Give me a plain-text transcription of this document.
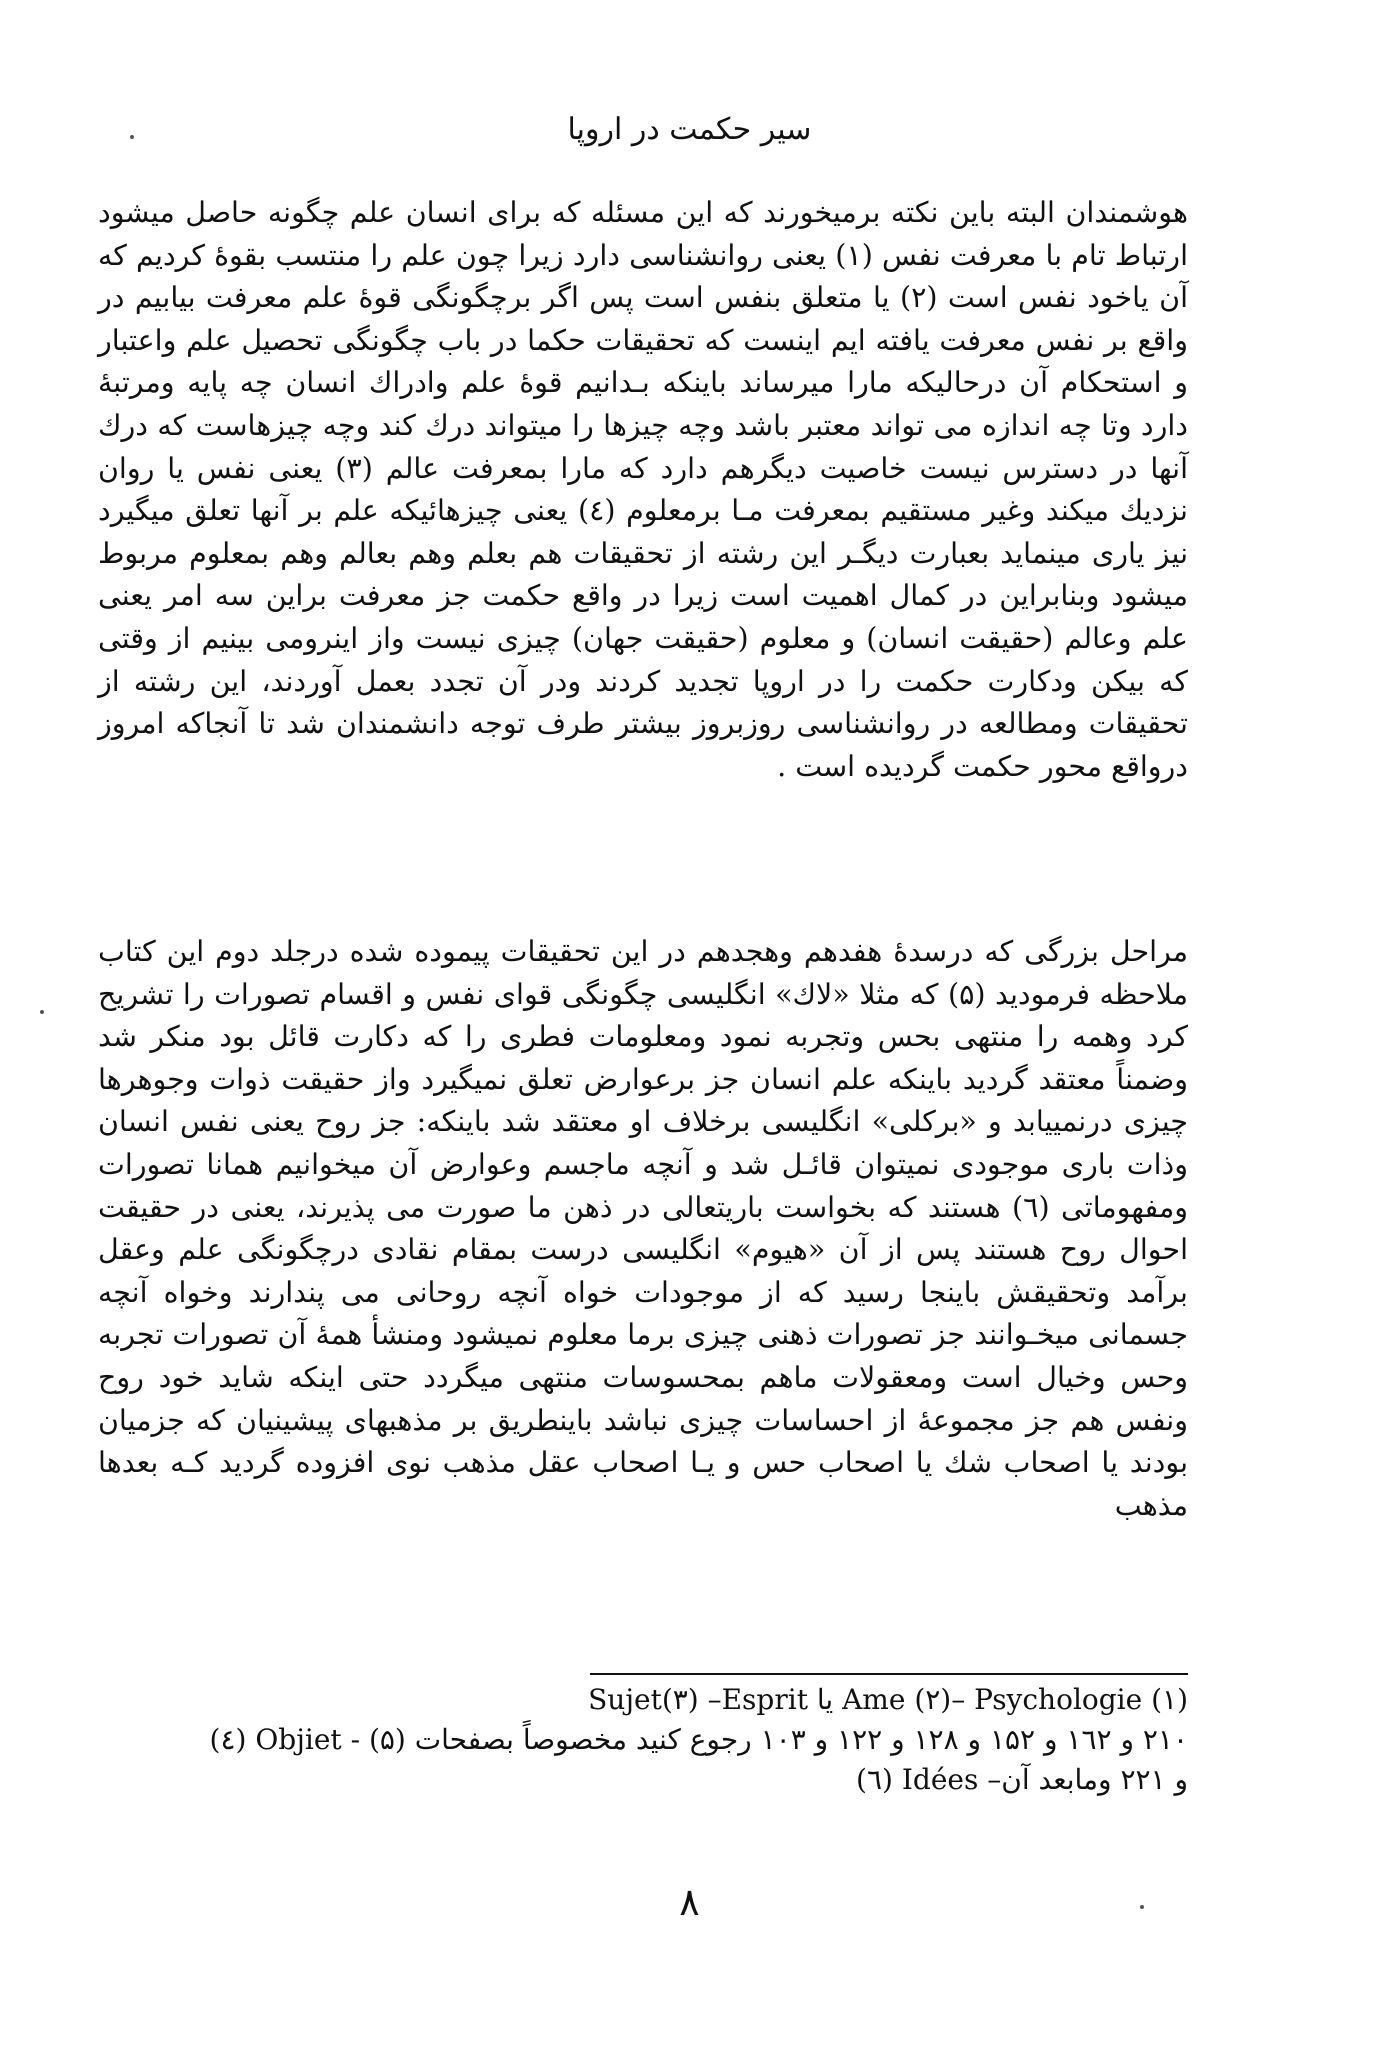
سیر حکمت در اروپا
هوشمندان البته باین نکته برمیخورند که این مسئله که برای انسان علم چگونه حاصل میشود ارتباط تام با معرفت نفس (۱) یعنی روانشناسی دارد زیرا چون علم را منتسب بقوهٔ کردیم که آن یاخود نفس است (۲) یا متعلق بنفس است پس اگر برچگونگی قوهٔ علم معرفت بیابیم در واقع بر نفس معرفت یافته ایم اینست که تحقیقات حکما در باب چگونگی تحصیل علم واعتبار و استحکام آن درحالیکه مارا میرساند باینکه بـدانیم قوهٔ علم وادراك انسان چه پایه ومرتبهٔ دارد وتا چه اندازه می تواند معتبر باشد وچه چیزها را میتواند درك كند وچه چیزهاست که درك آنها در دسترس نیست خاصیت دیگرهم دارد که مارا بمعرفت عالم (۳) یعنی نفس یا روان نزدیك میکند وغیر مستقیم بمعرفت مـا برمعلوم (٤) یعنی چیزهائیکه علم بر آنها تعلق میگیرد نیز یاری مینماید بعبارت دیگـر این رشته از تحقیقات هم بعلم وهم بعالم وهم بمعلوم مربوط میشود وبنابراین در کمال اهمیت است زیرا در واقع حکمت جز معرفت براین سه امر یعنی علم وعالم (حقیقت انسان) و معلوم (حقیقت جهان) چیزی نیست واز اینرومی بینیم از وقتی که بیکن ودکارت حکمت را در اروپا تجدید کردند ودر آن تجدد بعمل آوردند، این رشته از تحقیقات ومطالعه در روانشناسی روزبروز بیشتر طرف توجه دانشمندان شد تا آنجاکه امروز درواقع محور حکمت گردیده است .
مراحل بزرگی که درسدهٔ هفدهم وهجدهم در این تحقیقات پیموده شده درجلد دوم این کتاب ملاحظه فرمودید (۵) که مثلا «لاك» انگلیسی چگونگی قوای نفس و اقسام تصورات را تشریح کرد وهمه را منتهی بحس وتجربه نمود ومعلومات فطری را که دکارت قائل بود منکر شد وضمناً معتقد گردید باینکه علم انسان جز برعوارض تعلق نمیگیرد واز حقیقت ذوات وجوهرها چیزی درنمییابد و «برکلی» انگلیسی برخلاف او معتقد شد باینکه: جز روح یعنی نفس انسان وذات باری موجودی نمیتوان قائـل شد و آنچه ماجسم وعوارض آن میخوانیم همانا تصورات ومفهوماتی (٦) هستند که بخواست باریتعالی در ذهن ما صورت می پذیرند، یعنی در حقیقت احوال روح هستند پس از آن «هیوم» انگلیسی درست بمقام نقادی درچگونگی علم وعقل برآمد وتحقیقش باینجا رسید که از موجودات خواه آنچه روحانی می پندارند وخواه آنچه جسمانی میخـوانند جز تصورات ذهنی چیزی برما معلوم نمیشود ومنشأ همهٔ آن تصورات تجربه وحس وخیال است ومعقولات ماهم بمحسوسات منتهی میگردد حتی اینکه شاید خود روح ونفس هم جز مجموعهٔ از احساسات چیزی نباشد باینطریق بر مذهبهای پیشینیان که جزمیان بودند یا اصحاب شك یا اصحاب حس و یـا اصحاب عقل مذهب نوی افزوده گردید کـه بعدها مذهب
Sujet(۳) –Esprit یا Ame (۲)– Psychologie (۱)
۲۱۰ و ۱٦۲ و ۱۵۲ و ۱۲۸ و ۱۲۲ و ۱۰۳ رجوع کنید مخصوصاً بصفحات (۵) - Objiet (٤)
و ۲۲۱ ومابعد آن– Idées (٦)
۸
